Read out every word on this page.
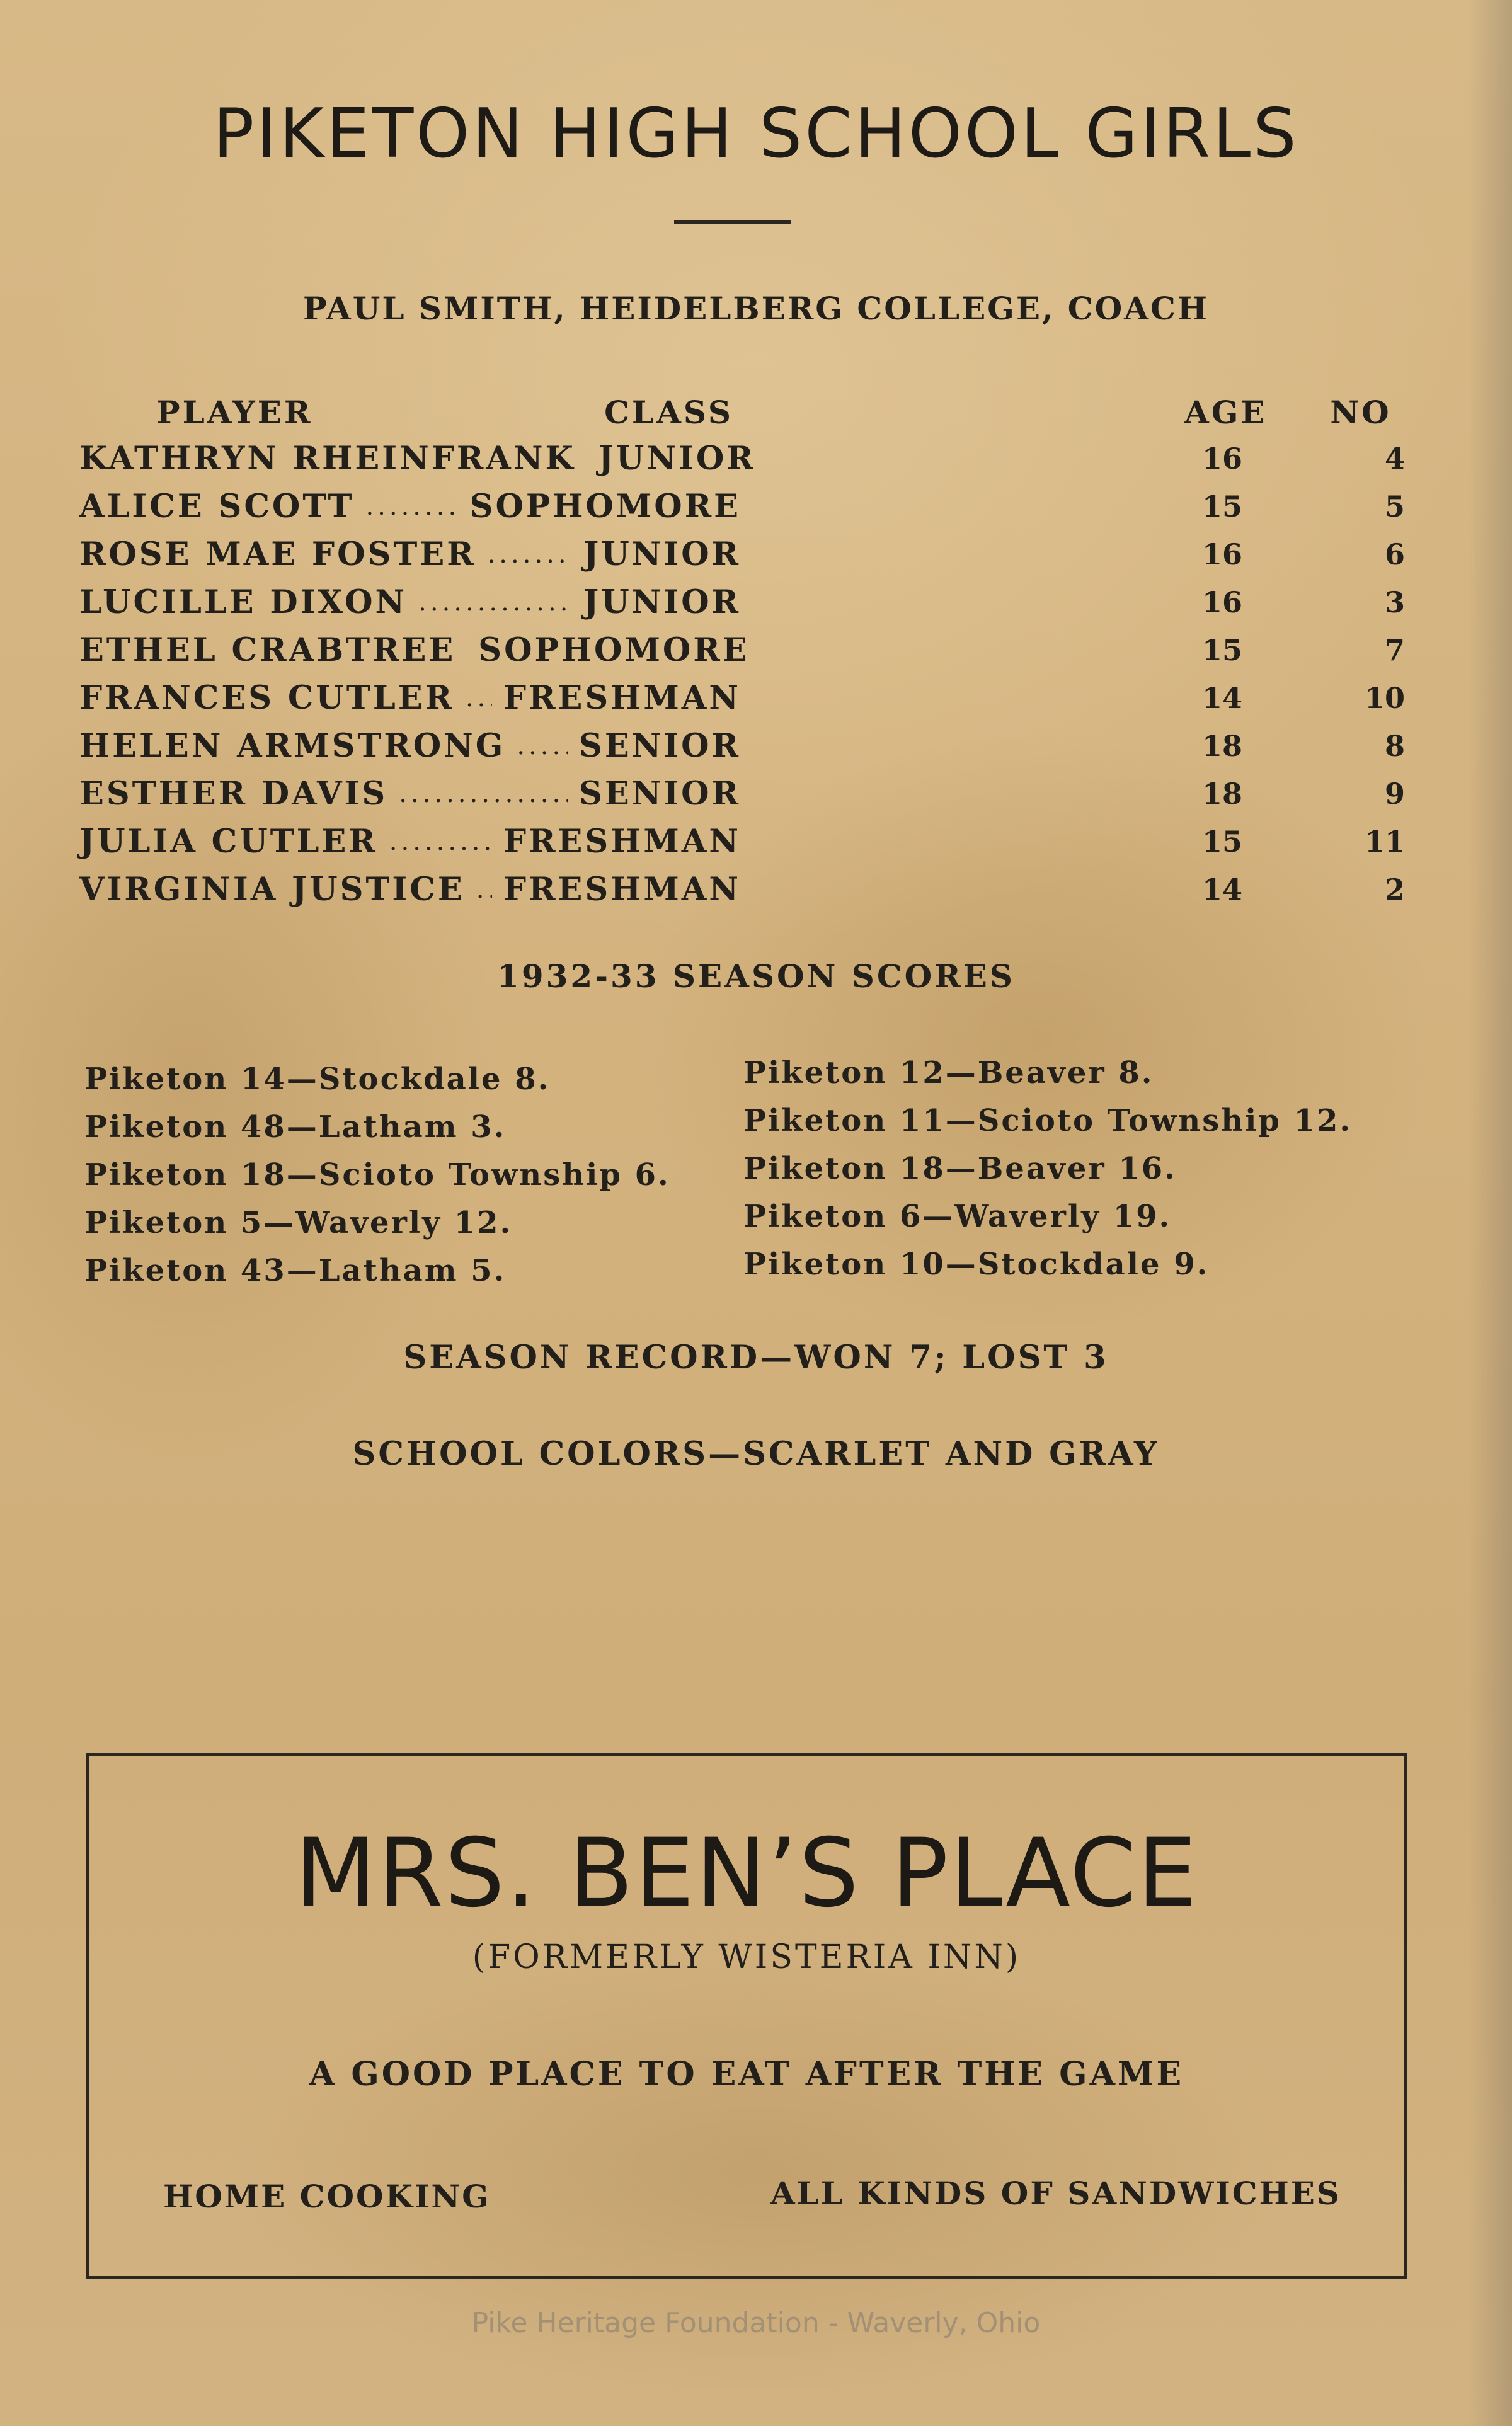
PIKETON HIGH SCHOOL GIRLS

PAUL SMITH, HEIDELBERG COLLEGE, COACH

PLAYER	CLASS	AGE NO

KATHRYN RHEINFRANK JUNIOR	16	4
ALICE SCOTT .....	SOPHOMORE	15	5
ROSE MAE FOSTER .....	JUNIOR	16	6
LUCILLE DIXON .....	JUNIOR	16	3
ETHEL CRABTREE SOPHOMORE	15	7
FRANCES CUTLER ..... FRESHMAN	14	10
HELEN ARMSTRONG ..... SENIOR	18	8
ESTHER DAVIS .....	SENIOR	18	9
JULIA CUTLER .....	FRESHMAN	15	11
VIRGINIA JUSTICE ..... FRESHMAN	14	2

1932-33 SEASON SCORES

Piketon 14—Stockdale 8.

Piketon 48—Latham 3.

Piketon 18—Scioto Township 6.

Piketon 5—Waverly 12.

Piketon 43—Latham 5.

Piketon 12—Beaver 8.

Piketon 11—Scioto Township 12.

Piketon 18—Beaver 16.

Piketon 6—Waverly 19.

Piketon 10—Stockdale 9.

SEASON RECORD—WON 7; LOST 3

SCHOOL COLORS—SCARLET AND GRAY

MRS. BEN’S PLACE

(FORMERLY WISTERIA INN)

A GOOD PLACE TO EAT AFTER THE GAME

HOME COOKING	ALL KINDS OF SANDWICHES

Pike Heritage Foundation - Waverly, Ohio
